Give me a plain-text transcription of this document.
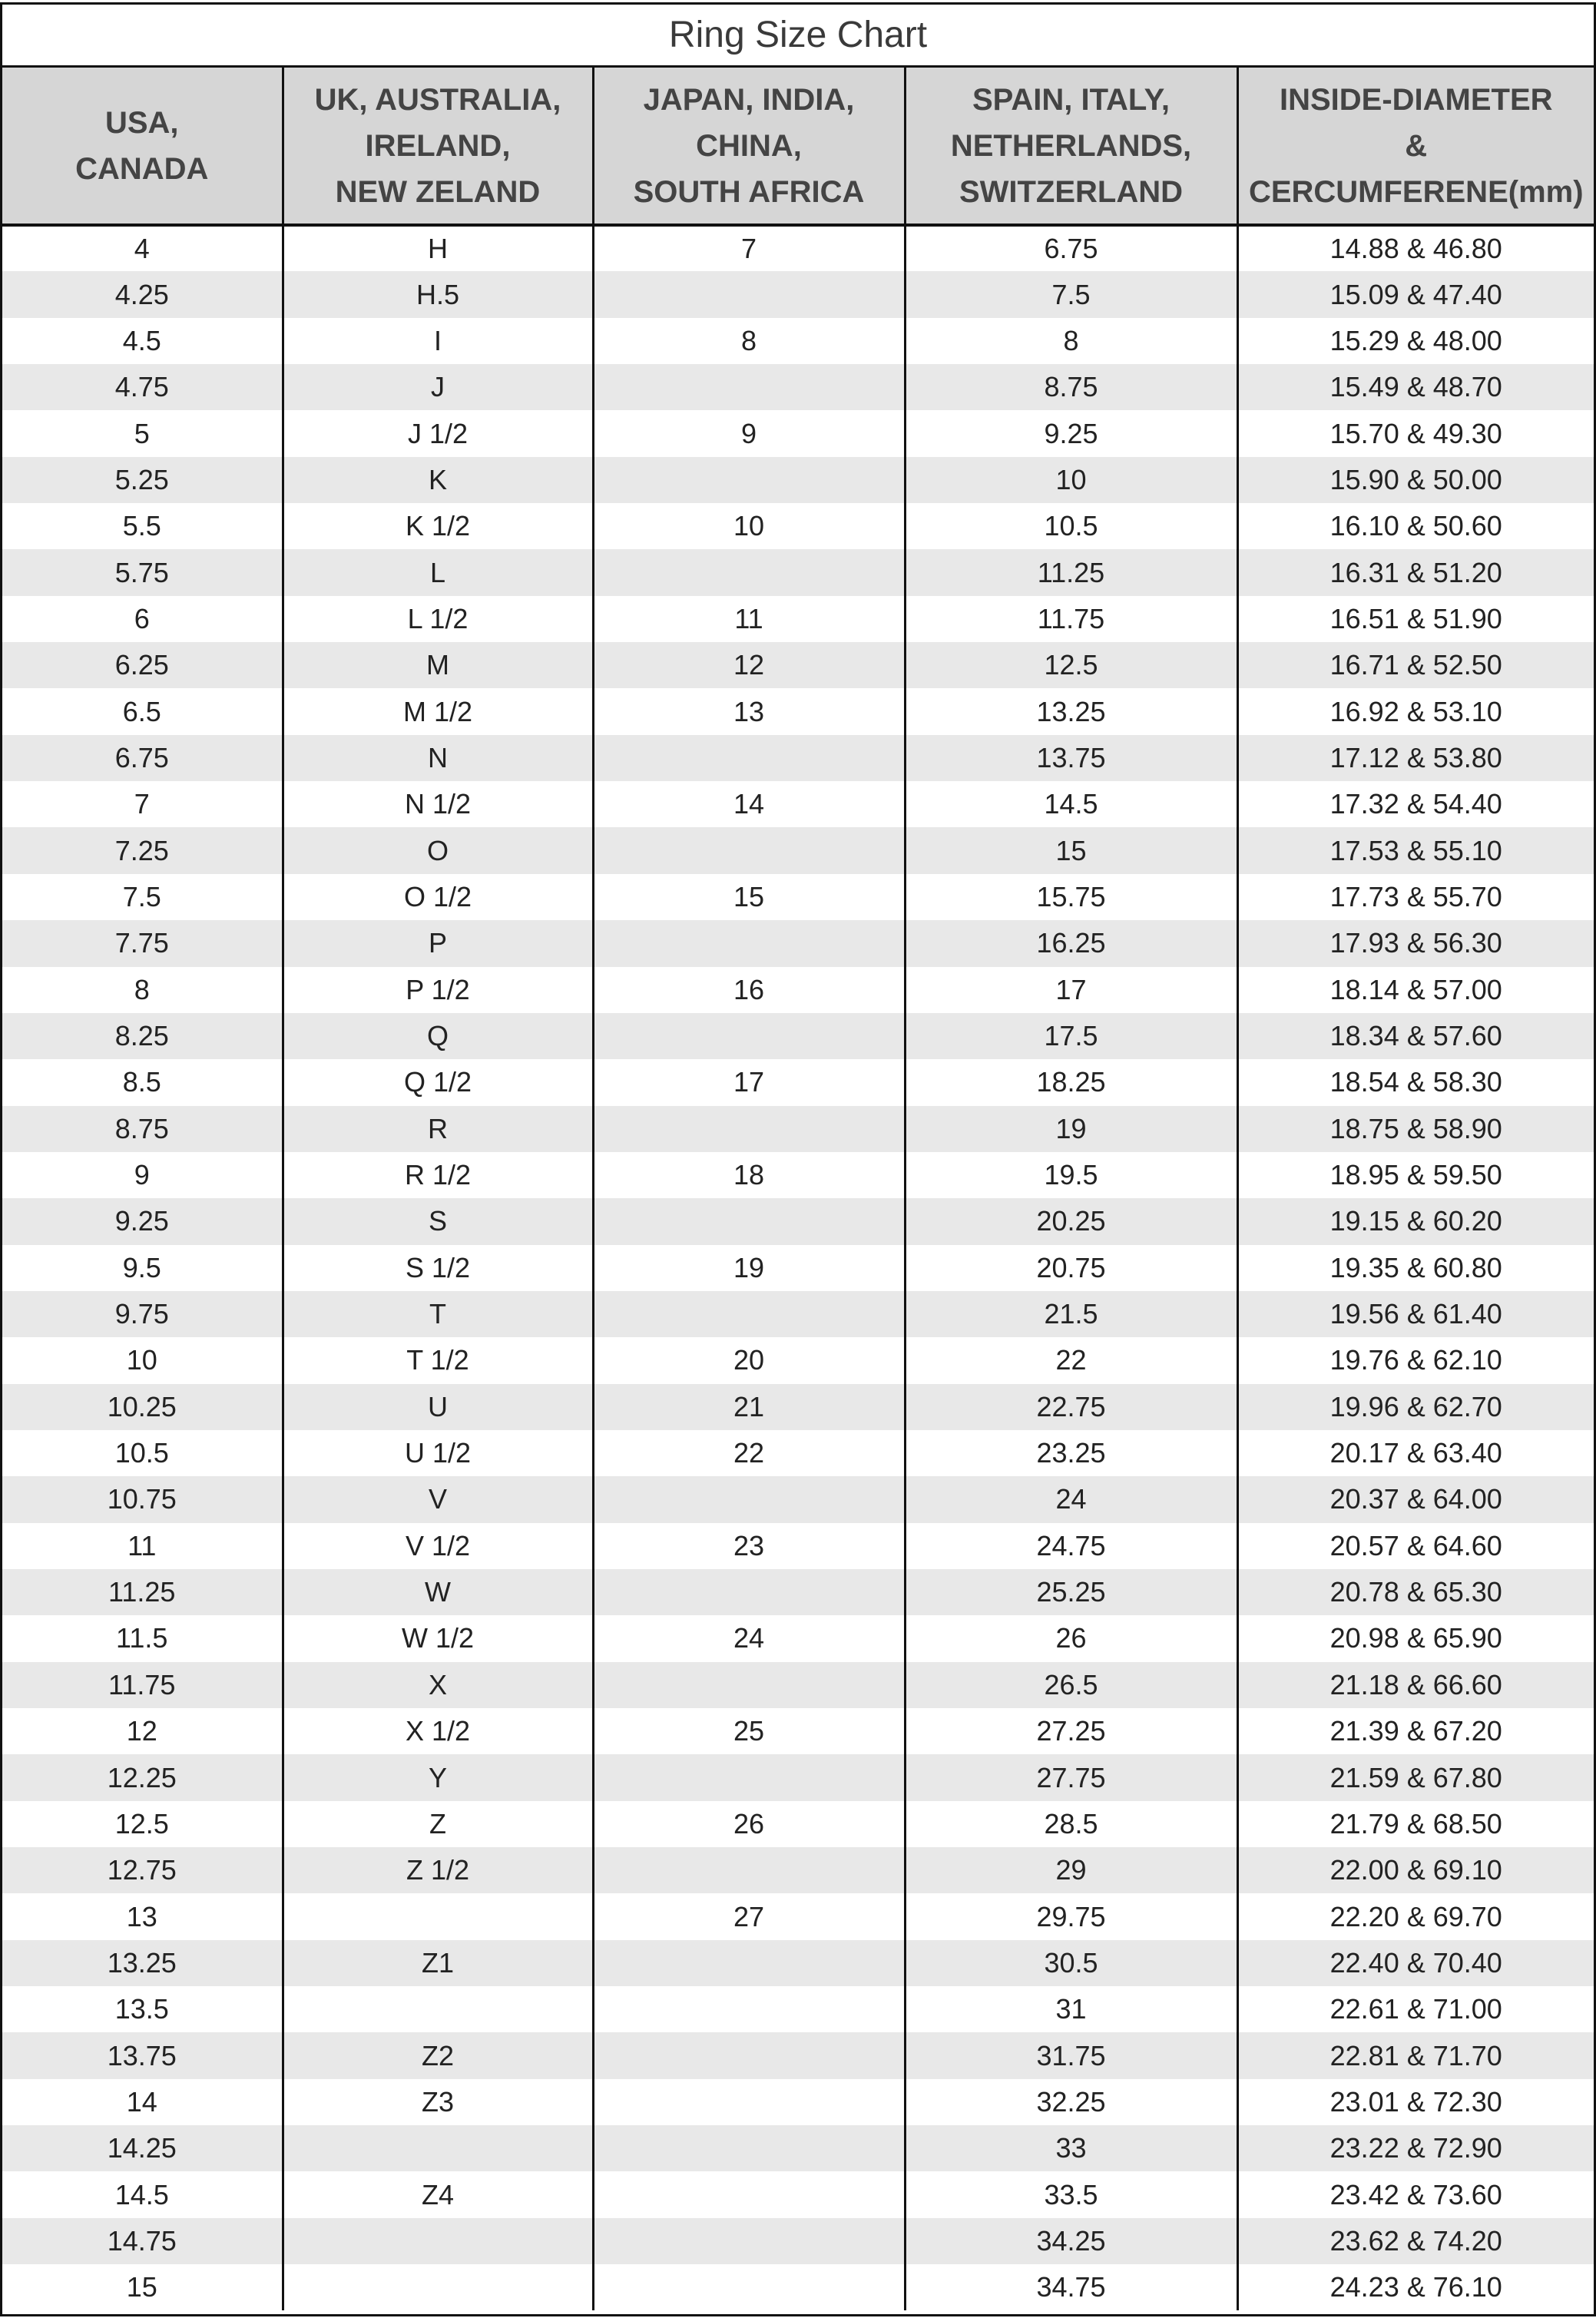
Ring Size Chart
USA,
CANADA	UK, AUSTRALIA,
IRELAND,
NEW ZELAND	JAPAN, INDIA,
CHINA,
SOUTH AFRICA	SPAIN, ITALY,
NETHERLANDS,
SWITZERLAND	INSIDE-DIAMETER
&
CERCUMFERENE(mm)

4	H	7	6.75	14.88 & 46.80
4.25	H.5		7.5	15.09 & 47.40
4.5	I	8	8	15.29 & 48.00
4.75	J		8.75	15.49 & 48.70
5	J 1/2	9	9.25	15.70 & 49.30
5.25	K		10	15.90 & 50.00
5.5	K 1/2	10	10.5	16.10 & 50.60
5.75	L		11.25	16.31 & 51.20
6	L 1/2	11	11.75	16.51 & 51.90
6.25	M	12	12.5	16.71 & 52.50
6.5	M 1/2	13	13.25	16.92 & 53.10
6.75	N		13.75	17.12 & 53.80
7	N 1/2	14	14.5	17.32 & 54.40
7.25	O		15	17.53 & 55.10
7.5	O 1/2	15	15.75	17.73 & 55.70
7.75	P		16.25	17.93 & 56.30
8	P 1/2	16	17	18.14 & 57.00
8.25	Q		17.5	18.34 & 57.60
8.5	Q 1/2	17	18.25	18.54 & 58.30
8.75	R		19	18.75 & 58.90
9	R 1/2	18	19.5	18.95 & 59.50
9.25	S		20.25	19.15 & 60.20
9.5	S 1/2	19	20.75	19.35 & 60.80
9.75	T		21.5	19.56 & 61.40
10	T 1/2	20	22	19.76 & 62.10
10.25	U	21	22.75	19.96 & 62.70
10.5	U 1/2	22	23.25	20.17 & 63.40
10.75	V		24	20.37 & 64.00
11	V 1/2	23	24.75	20.57 & 64.60
11.25	W		25.25	20.78 & 65.30
11.5	W 1/2	24	26	20.98 & 65.90
11.75	X		26.5	21.18 & 66.60
12	X 1/2	25	27.25	21.39 & 67.20
12.25	Y		27.75	21.59 & 67.80
12.5	Z	26	28.5	21.79 & 68.50
12.75	Z 1/2		29	22.00 & 69.10
13		27	29.75	22.20 & 69.70
13.25	Z1		30.5	22.40 & 70.40
13.5			31	22.61 & 71.00
13.75	Z2		31.75	22.81 & 71.70
14	Z3		32.25	23.01 & 72.30
14.25			33	23.22 & 72.90
14.5	Z4		33.5	23.42 & 73.60
14.75			34.25	23.62 & 74.20
15			34.75	24.23 & 76.10
